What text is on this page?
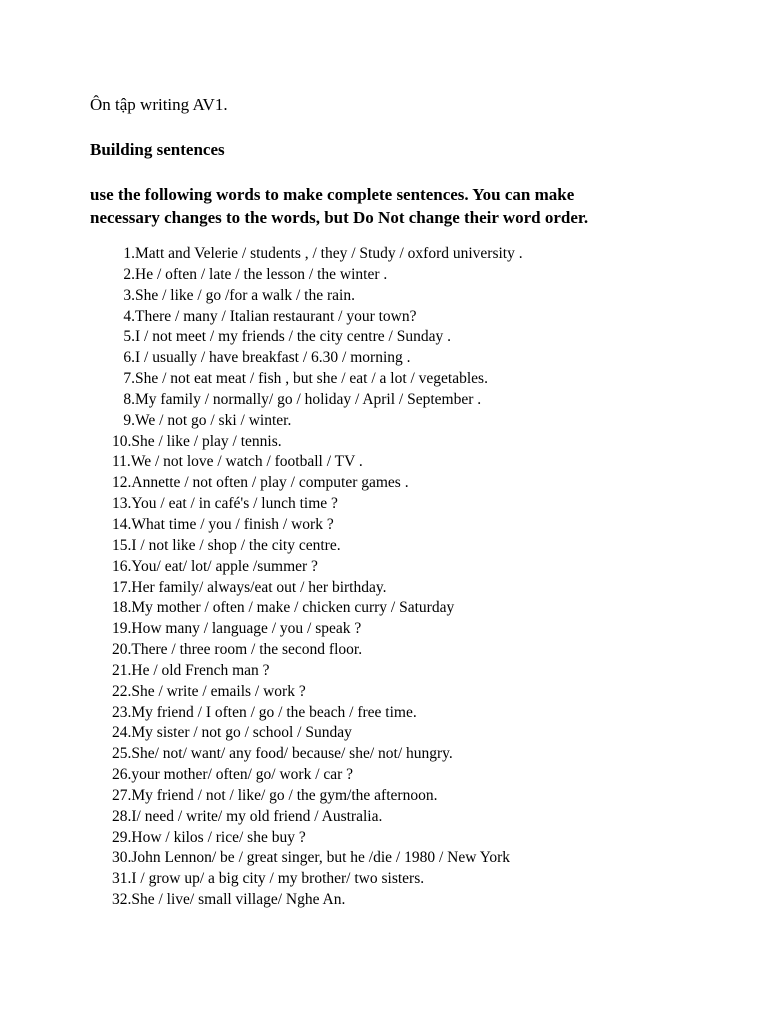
Ôn tập writing AV1.
Building sentences
use the following words to make complete sentences. You can make
necessary changes to the words, but Do Not change their word order.
1. Matt and Velerie / students , / they / Study / oxford university .
2. He / often / late / the lesson / the winter .
3. She / like / go /for a walk / the rain.
4. There / many / Italian restaurant / your town?
5. I / not meet / my friends / the city centre / Sunday .
6. I / usually / have breakfast / 6.30 / morning .
7. She / not eat meat / fish , but she / eat / a lot / vegetables.
8. My family / normally/ go / holiday / April / September .
9. We / not go / ski / winter.
10. She / like / play / tennis.
11. We / not love / watch / football / TV .
12. Annette / not often / play / computer games .
13. You / eat / in café's / lunch time ?
14. What time / you / finish / work ?
15. I / not like / shop / the city centre.
16. You/ eat/ lot/ apple /summer ?
17. Her family/ always/eat out / her birthday.
18. My mother / often / make / chicken curry / Saturday
19. How many / language / you / speak ?
20. There / three room / the second floor.
21. He / old French man ?
22. She / write / emails / work ?
23. My friend / I often / go / the beach / free time.
24. My sister / not go / school / Sunday
25. She/ not/ want/ any food/ because/ she/ not/ hungry.
26. your mother/ often/ go/ work / car ?
27. My friend / not / like/ go / the gym/the afternoon.
28. I/ need / write/ my old friend / Australia.
29. How / kilos / rice/ she buy ?
30. John Lennon/ be / great singer, but he /die / 1980 / New York
31. I / grow up/ a big city / my brother/ two sisters.
32. She / live/ small village/ Nghe An.
